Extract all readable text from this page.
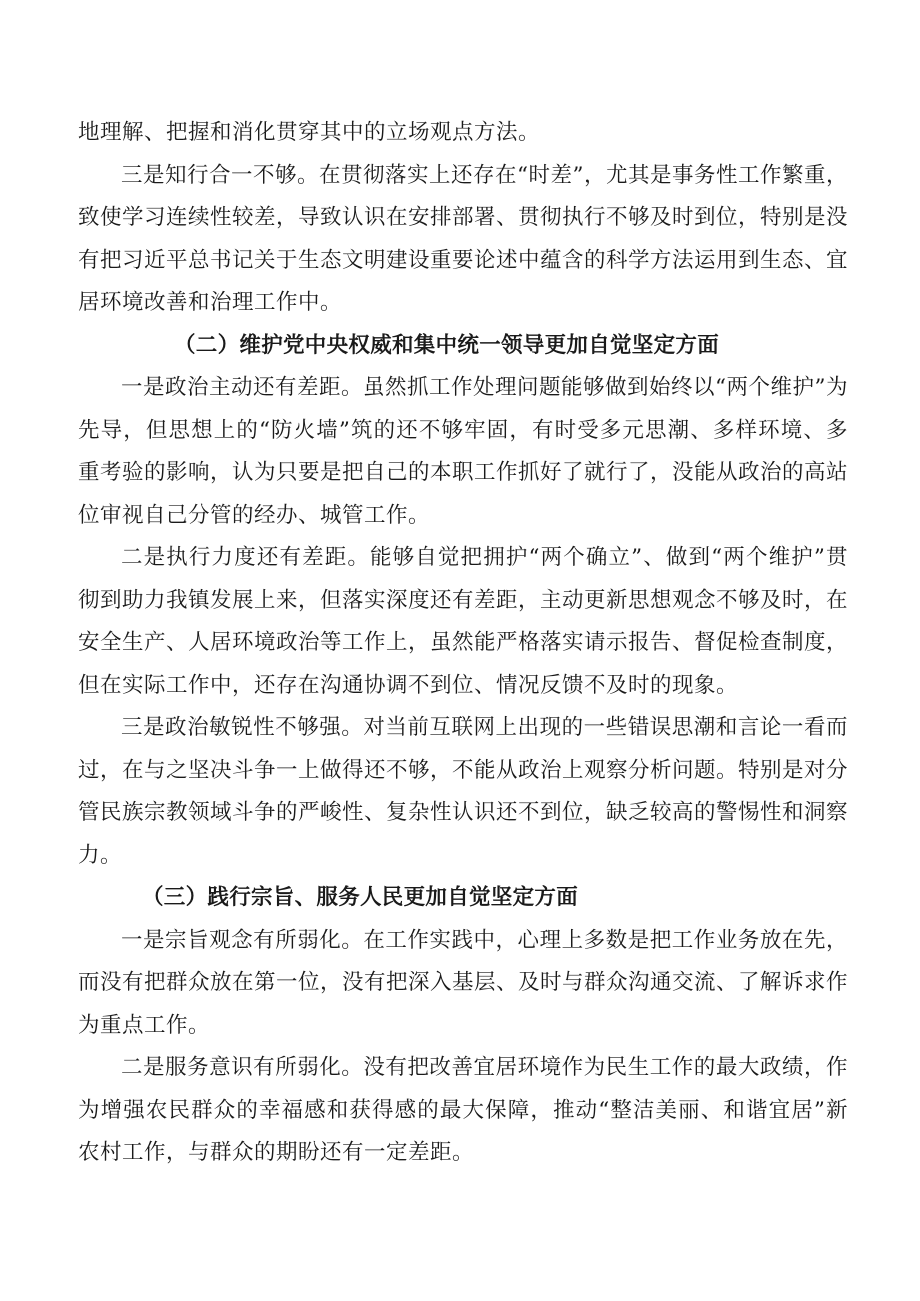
地理解、把握和消化贯穿其中的立场观点方法。

三是知行合一不够。在贯彻落实上还存在“时差”，尤其是事务性工作繁重，致使学习连续性较差，导致认识在安排部署、贯彻执行不够及时到位，特别是没有把习近平总书记关于生态文明建设重要论述中蕴含的科学方法运用到生态、宜居环境改善和治理工作中。

（二）维护党中央权威和集中统一领导更加自觉坚定方面

一是政治主动还有差距。虽然抓工作处理问题能够做到始终以“两个维护”为先导，但思想上的“防火墙”筑的还不够牢固，有时受多元思潮、多样环境、多重考验的影响，认为只要是把自己的本职工作抓好了就行了，没能从政治的高站位审视自己分管的经办、城管工作。

二是执行力度还有差距。能够自觉把拥护“两个确立”、做到“两个维护”贯彻到助力我镇发展上来，但落实深度还有差距，主动更新思想观念不够及时，在安全生产、人居环境政治等工作上，虽然能严格落实请示报告、督促检查制度，但在实际工作中，还存在沟通协调不到位、情况反馈不及时的现象。

三是政治敏锐性不够强。对当前互联网上出现的一些错误思潮和言论一看而过，在与之坚决斗争一上做得还不够，不能从政治上观察分析问题。特别是对分管民族宗教领域斗争的严峻性、复杂性认识还不到位，缺乏较高的警惕性和洞察力。

（三）践行宗旨、服务人民更加自觉坚定方面

一是宗旨观念有所弱化。在工作实践中，心理上多数是把工作业务放在先，而没有把群众放在第一位，没有把深入基层、及时与群众沟通交流、了解诉求作为重点工作。

二是服务意识有所弱化。没有把改善宜居环境作为民生工作的最大政绩，作为增强农民群众的幸福感和获得感的最大保障，推动“整洁美丽、和谐宜居”新农村工作，与群众的期盼还有一定差距。
